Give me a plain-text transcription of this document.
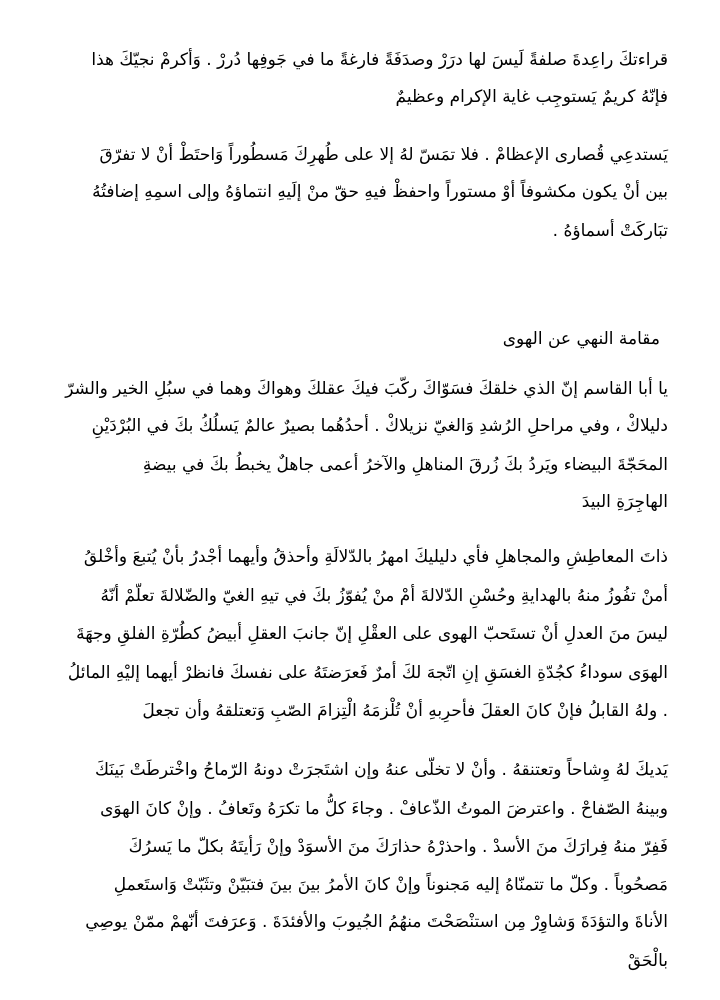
قراءتكَ راعِدةَ صلفةً لَيسَ لها درَرْ وصدَفَةً فارغةً ما في جَوفِها دُررْ . وَأكرمْ نجيّكَ هذا
فإنّهُ كريمٌ يَستوجِب غاية الإكرام وعظيمٌ
يَستدعِي قُصارى الإعظامْ . فلا تمَسّ لهُ إلا على طُهرِكَ مَسطُوراً وَاحتَطْ أنْ لا تفرّقَ
بين أنْ يكون مكشوفاً أوْ مستوراً واحفظْ فيهِ حقّ منْ إلَيهِ انتماؤهُ وإلى اسمِهِ إضافتُهُ
تبَاركَتْ أسماؤهُ .
مقامة النهي عن الهوى
يا أبا القاسم إنّ الذي خلقكَ فسَوّاكَ ركّبَ فيكَ عقلكَ وهواكَ وهما في سبُلِ الخير والشرّ
دليلاكْ ، وفي مراحلِ الرُشدِ وَالغيّ نزيلاكْ . أحدُهُما بصيرٌ عالمٌ يَسلُكُ بكَ في البُرْدَيْنِ
المحَجّةَ البيضاء ويَردُ بكَ زُرقَ المناهلِ والآخرُ أعمى جاهلٌ يخبطُ بكَ في بيضةِ
الهاجِرَةِ البيدَ
ذاتَ المعاطِشِ والمجاهلِ فأي دليليكَ امهرُ بالدّلالَةِ وأحذقُ وأيهما أجْدرُ بأنْ يُتبعَ وأخْلقُ
أمنْ تفُوزُ منهُ بالهدايةِ وحُسْنِ الدّلالةَ أمْ منْ يُفوّزُ بكَ في تيهِ الغيّ والضّلالةَ تعلّمْ أنّهُ
ليسَ منَ العدلِ أنْ تستَحبّ الهوى على العقْلِ إنّ جانبَ العقلِ أبيضُ كطُرّةِ الفلقِ وجهَةَ
الهوَى سوداءُ كجُدّةِ الغسَقِ إنِ اتّجهَ لكَ أمرٌ فَعرَضتَهُ على نفسكَ فانظرْ أيهما إليْهِ المائلُ
. ولهُ القابلُ فإنْ كانَ العقلَ فأحرِبهِ أنْ تُلْزمَهُ الْتِزامَ الصّبِ وَتعتلقهُ وأن تجعلَ
يَديكَ لهُ وِشاحاً وتعتنقهُ . وأنْ لا تخلّى عنهُ وإن اشتَجرَتْ دونهُ الرّماحُ واخْترطَتْ بَينَكَ
وبينهُ الصّفاحْ . واعترضَ الموتُ الذّعافْ . وجاءَ كلُّ ما تكرَهُ وتَعافُ . وإنْ كانَ الهوَى
فَفِرّ منهُ فِرارَكَ منَ الأسدْ . واحذرْهُ حذارَكَ منَ الأسوَدْ وإنْ رَأيتَهُ بكلّ ما يَسرُكَ
مَصحُوباً . وكلّ ما تتمنّاهُ إليه مَجنوناً وإنْ كانَ الأمرُ بينَ بينَ فتبَيّنْ وتثَبّتْ وَاستَعملِ
الأناةَ والتؤدَةَ وَشاوِرْ مِن استنْصَحْتَ منهُمُ الجُيوبَ والأفئدَةَ . وَعرَفتَ أنّهمْ ممّنْ يوصِي
بالْحَقْ
